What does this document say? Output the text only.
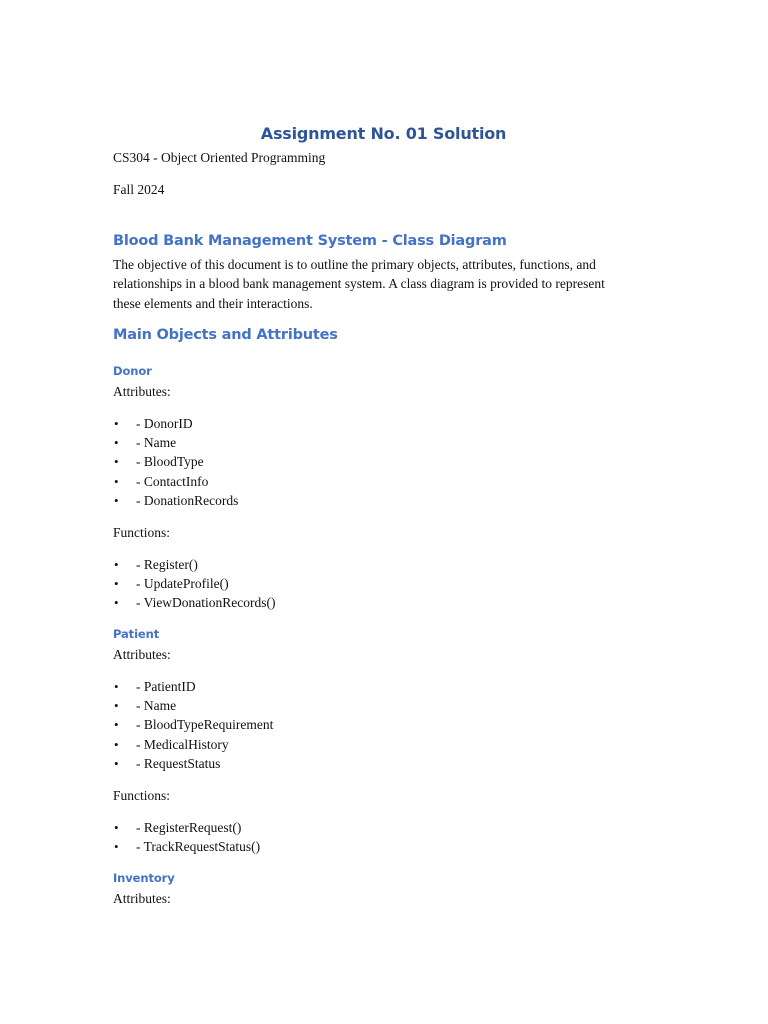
Assignment No. 01 Solution

CS304 - Object Oriented Programming

Fall 2024

Blood Bank Management System - Class Diagram
The objective of this document is to outline the primary objects, attributes, functions, and
relationships in a blood bank management system. A class diagram is provided to represent
these elements and their interactions.
Main Objects and Attributes
Donor

Attributes:

• - DonorID
• - Name
• - BloodType
• - ContactInfo
• - DonationRecords

Functions:

• - Register()
• - UpdateProfile()
• - ViewDonationRecords()
Patient

Attributes:

• - PatientID
• - Name
• - BloodTypeRequirement
• - MedicalHistory
• - RequestStatus

Functions:

• - RegisterRequest()
• - TrackRequestStatus()
Inventory

Attributes:
